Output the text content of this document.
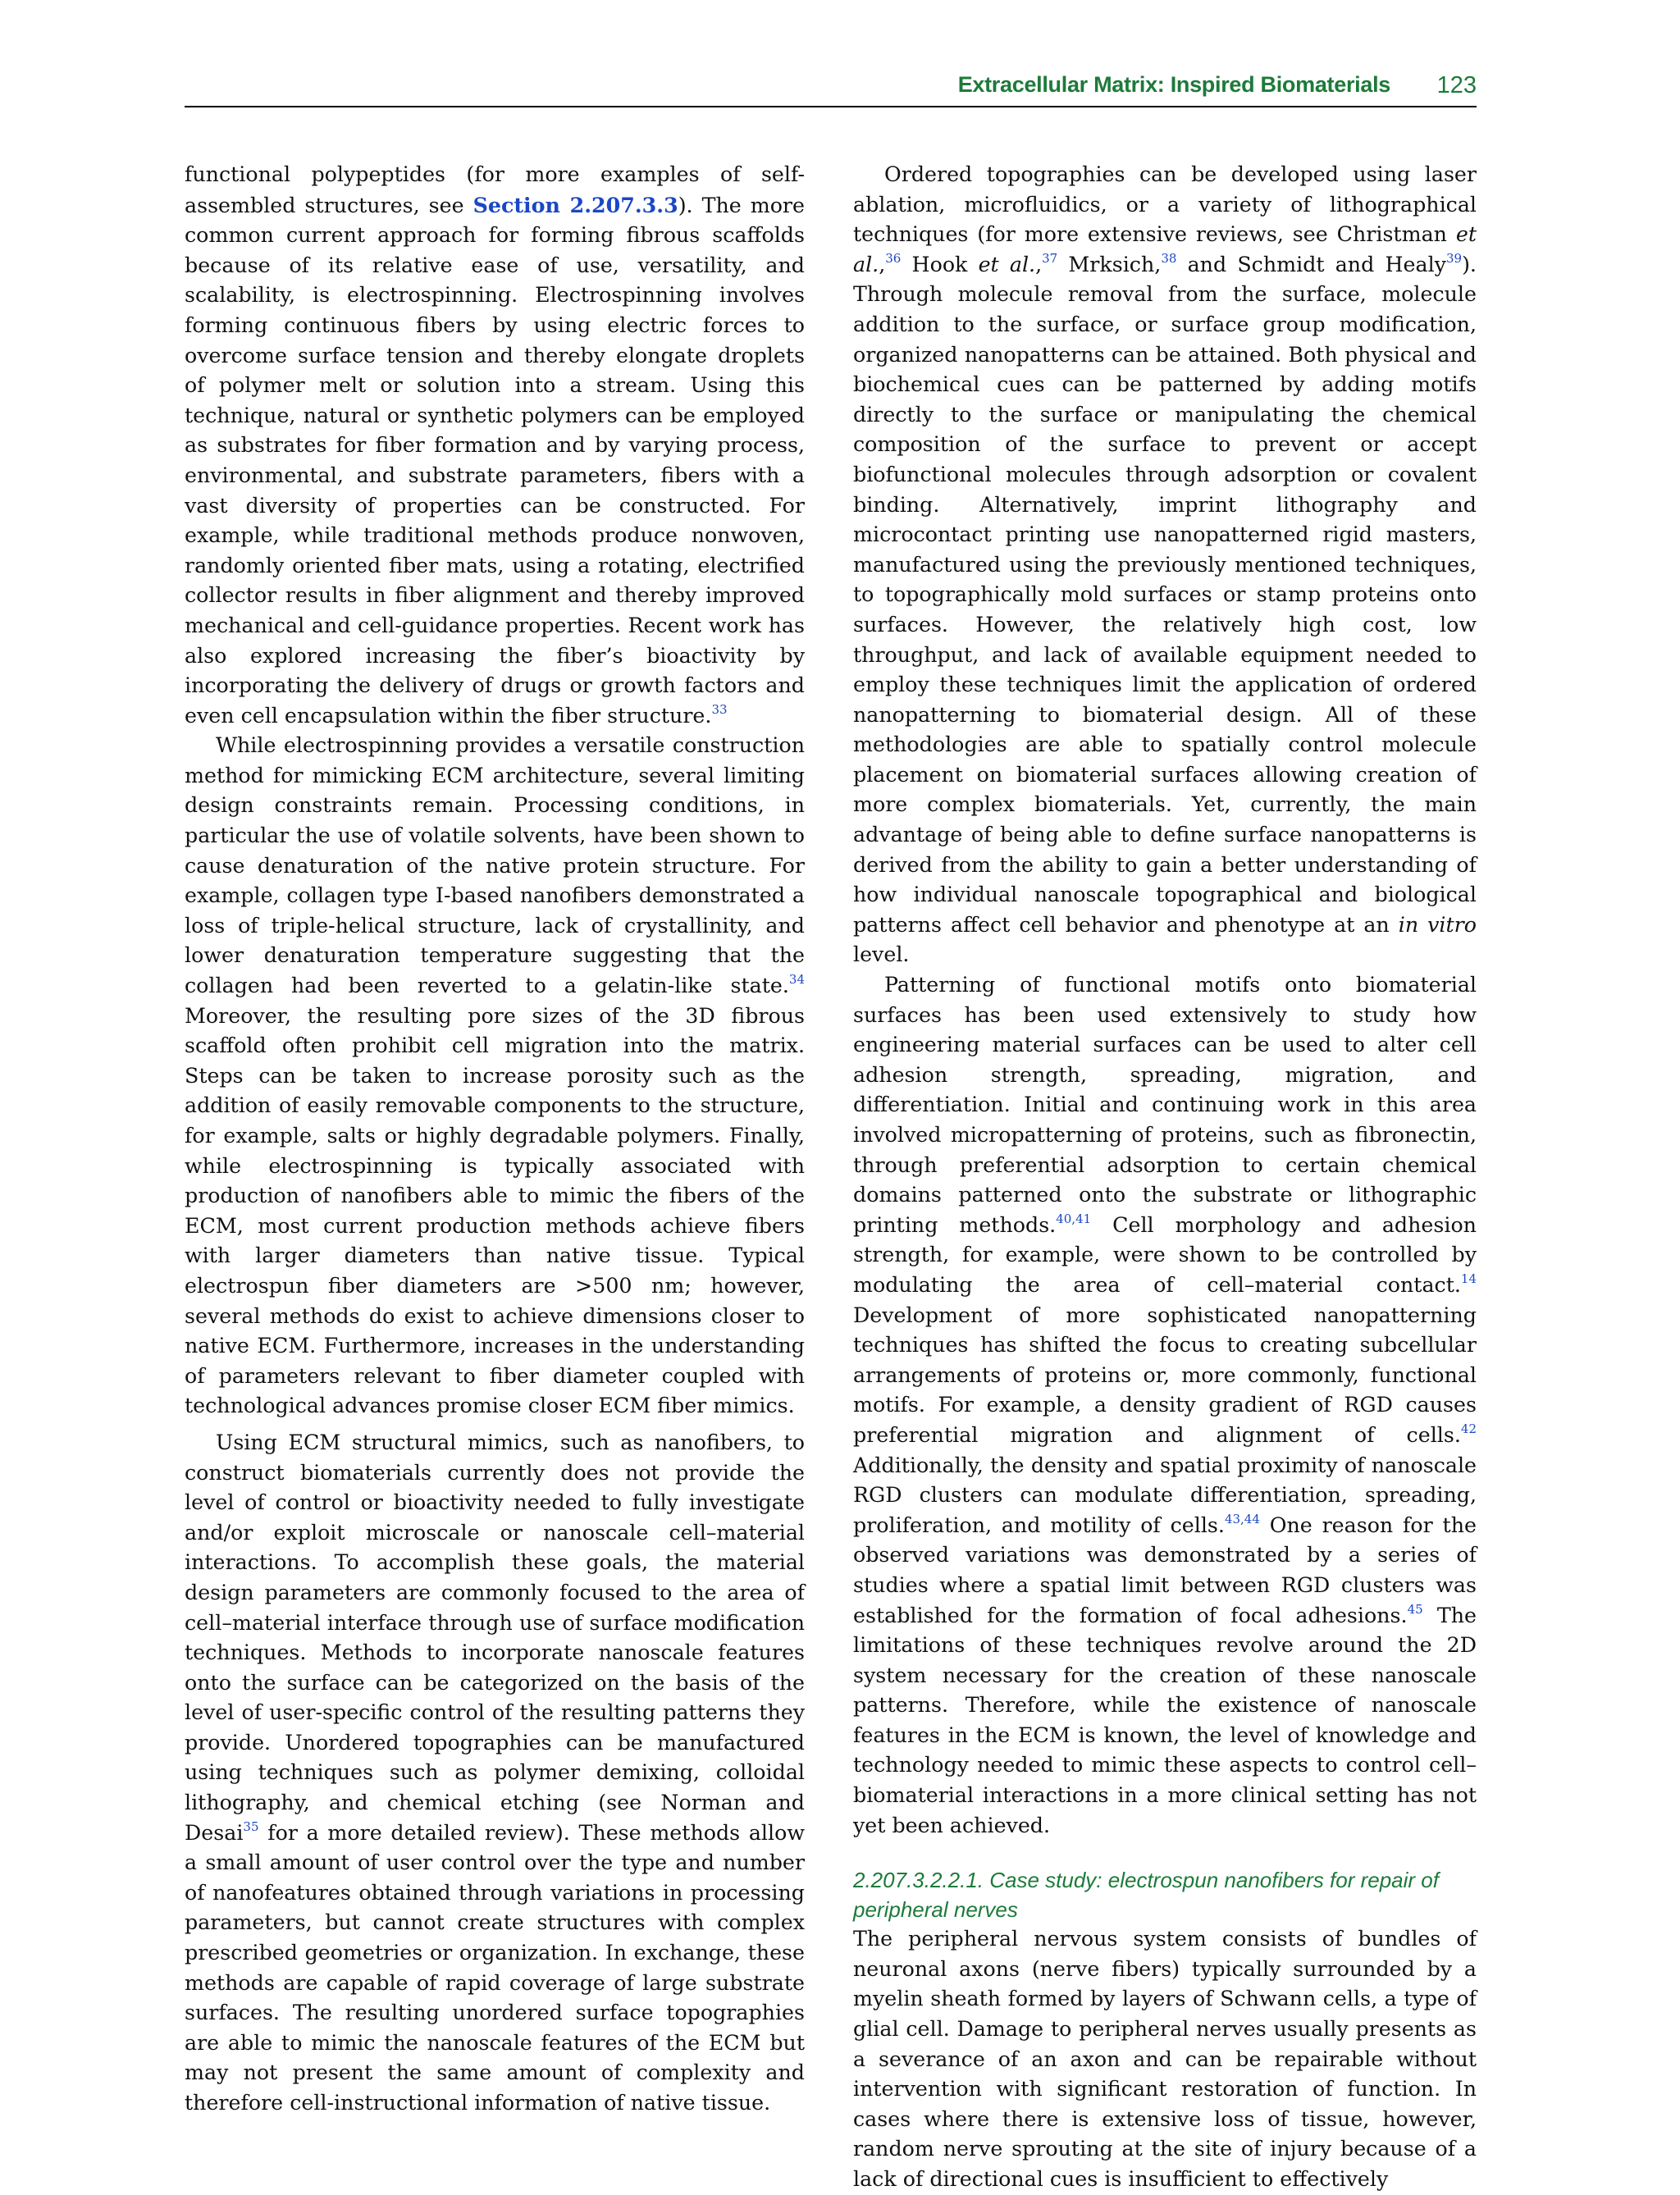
Extracellular Matrix: Inspired Biomaterials 123

functional polypeptides (for more examples of self-assembled structures, see Section 2.207.3.3). The more common current approach for forming fibrous scaffolds because of its relative ease of use, versatility, and scalability, is electrospinning. Electrospinning involves forming continuous fibers by using electric forces to overcome surface tension and thereby elongate droplets of polymer melt or solution into a stream. Using this technique, natural or synthetic polymers can be employed as substrates for fiber formation and by varying process, environmental, and substrate parameters, fibers with a vast diversity of properties can be constructed. For example, while traditional methods produce nonwoven, randomly oriented fiber mats, using a rotating, electrified collector results in fiber alignment and thereby improved mechanical and cell-guidance properties. Recent work has also explored increasing the fiber’s bioactivity by incorporating the delivery of drugs or growth factors and even cell encapsulation within the fiber structure.$^{33}$

While electrospinning provides a versatile construction method for mimicking ECM architecture, several limiting design constraints remain. Processing conditions, in particular the use of volatile solvents, have been shown to cause denaturation of the native protein structure. For example, collagen type I-based nanofibers demonstrated a loss of triple-helical structure, lack of crystallinity, and lower denaturation temperature suggesting that the collagen had been reverted to a gelatin-like state.$^{34}$ Moreover, the resulting pore sizes of the 3D fibrous scaffold often prohibit cell migration into the matrix. Steps can be taken to increase porosity such as the addition of easily removable components to the structure, for example, salts or highly degradable polymers. Finally, while electrospinning is typically associated with production of nanofibers able to mimic the fibers of the ECM, most current production methods achieve fibers with larger diameters than native tissue. Typical electrospun fiber diameters are >500 nm; however, several methods do exist to achieve dimensions closer to native ECM. Furthermore, increases in the understanding of parameters relevant to fiber diameter coupled with technological advances promise closer ECM fiber mimics.

Using ECM structural mimics, such as nanofibers, to construct biomaterials currently does not provide the level of control or bioactivity needed to fully investigate and/or exploit microscale or nanoscale cell–material interactions. To accomplish these goals, the material design parameters are commonly focused to the area of cell–material interface through use of surface modification techniques. Methods to incorporate nanoscale features onto the surface can be categorized on the basis of the level of user-specific control of the resulting patterns they provide. Unordered topographies can be manufactured using techniques such as polymer demixing, colloidal lithography, and chemical etching (see Norman and Desai$^{35}$ for a more detailed review). These methods allow a small amount of user control over the type and number of nanofeatures obtained through variations in processing parameters, but cannot create structures with complex prescribed geometries or organization. In exchange, these methods are capable of rapid coverage of large substrate surfaces. The resulting unordered surface topographies are able to mimic the nanoscale features of the ECM but may not present the same amount of complexity and therefore cell-instructional information of native tissue.

Ordered topographies can be developed using laser ablation, microfluidics, or a variety of lithographical techniques (for more extensive reviews, see Christman et al.,$^{36}$ Hook et al.,$^{37}$ Mrksich,$^{38}$ and Schmidt and Healy$^{39}$). Through molecule removal from the surface, molecule addition to the surface, or surface group modification, organized nanopatterns can be attained. Both physical and biochemical cues can be patterned by adding motifs directly to the surface or manipulating the chemical composition of the surface to prevent or accept biofunctional molecules through adsorption or covalent binding. Alternatively, imprint lithography and microcontact printing use nanopatterned rigid masters, manufactured using the previously mentioned techniques, to topographically mold surfaces or stamp proteins onto surfaces. However, the relatively high cost, low throughput, and lack of available equipment needed to employ these techniques limit the application of ordered nanopatterning to biomaterial design. All of these methodologies are able to spatially control molecule placement on biomaterial surfaces allowing creation of more complex biomaterials. Yet, currently, the main advantage of being able to define surface nanopatterns is derived from the ability to gain a better understanding of how individual nanoscale topographical and biological patterns affect cell behavior and phenotype at an in vitro level.

Patterning of functional motifs onto biomaterial surfaces has been used extensively to study how engineering material surfaces can be used to alter cell adhesion strength, spreading, migration, and differentiation. Initial and continuing work in this area involved micropatterning of proteins, such as fibronectin, through preferential adsorption to certain chemical domains patterned onto the substrate or lithographic printing methods.$^{40,41}$ Cell morphology and adhesion strength, for example, were shown to be controlled by modulating the area of cell–material contact.$^{14}$ Development of more sophisticated nanopatterning techniques has shifted the focus to creating subcellular arrangements of proteins or, more commonly, functional motifs. For example, a density gradient of RGD causes preferential migration and alignment of cells.$^{42}$ Additionally, the density and spatial proximity of nanoscale RGD clusters can modulate differentiation, spreading, proliferation, and motility of cells.$^{43,44}$ One reason for the observed variations was demonstrated by a series of studies where a spatial limit between RGD clusters was established for the formation of focal adhesions.$^{45}$ The limitations of these techniques revolve around the 2D system necessary for the creation of these nanoscale patterns. Therefore, while the existence of nanoscale features in the ECM is known, the level of knowledge and technology needed to mimic these aspects to control cell–biomaterial interactions in a more clinical setting has not yet been achieved.

2.207.3.2.2.1. Case study: electrospun nanofibers for repair of peripheral nerves

The peripheral nervous system consists of bundles of neuronal axons (nerve fibers) typically surrounded by a myelin sheath formed by layers of Schwann cells, a type of glial cell. Damage to peripheral nerves usually presents as a severance of an axon and can be repairable without intervention with significant restoration of function. In cases where there is extensive loss of tissue, however, random nerve sprouting at the site of injury because of a lack of directional cues is insufficient to effectively
